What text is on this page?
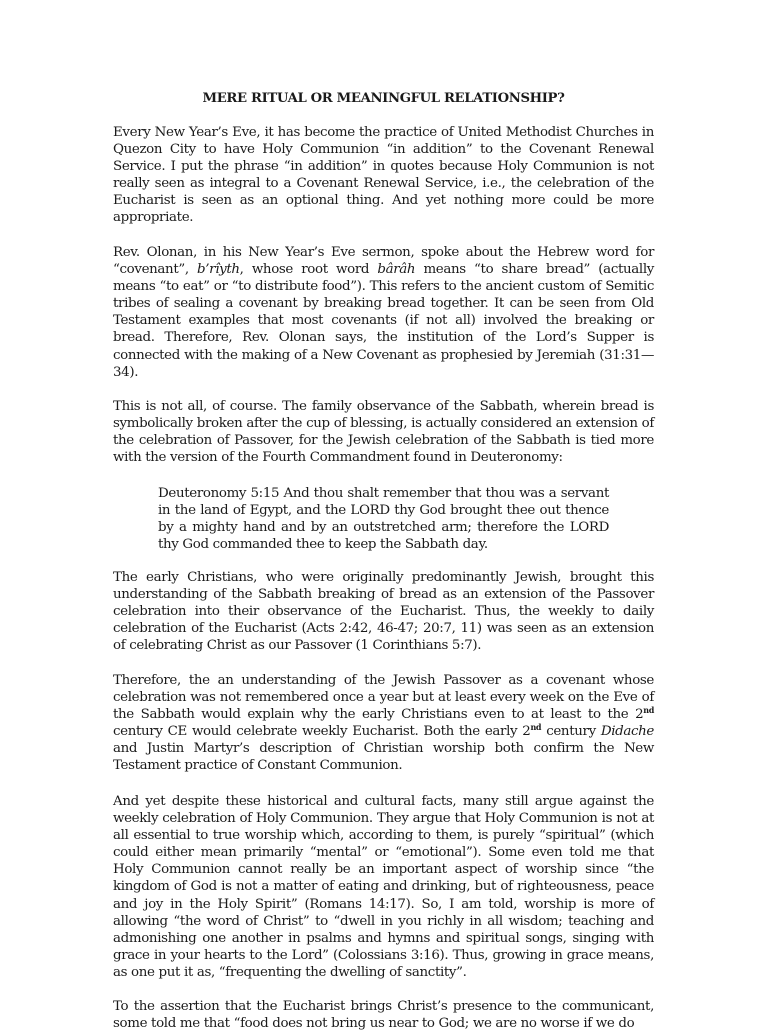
MERE RITUAL OR MEANINGFUL RELATIONSHIP?

Every New Year’s Eve, it has become the practice of United Methodist Churches in Quezon City to have Holy Communion “in addition” to the Covenant Renewal Service. I put the phrase “in addition” in quotes because Holy Communion is not really seen as integral to a Covenant Renewal Service, i.e., the celebration of the Eucharist is seen as an optional thing. And yet nothing more could be more appropriate.

Rev. Olonan, in his New Year’s Eve sermon, spoke about the Hebrew word for “covenant”, b’rîyth, whose root word bârâh means “to share bread” (actually means “to eat” or “to distribute food”). This refers to the ancient custom of Semitic tribes of sealing a covenant by breaking bread together. It can be seen from Old Testament examples that most covenants (if not all) involved the breaking or bread. Therefore, Rev. Olonan says, the institution of the Lord’s Supper is connected with the making of a New Covenant as prophesied by Jeremiah (31:31—34).

This is not all, of course. The family observance of the Sabbath, wherein bread is symbolically broken after the cup of blessing, is actually considered an extension of the celebration of Passover, for the Jewish celebration of the Sabbath is tied more with the version of the Fourth Commandment found in Deuteronomy:

Deuteronomy 5:15 And thou shalt remember that thou was a servant in the land of Egypt, and the LORD thy God brought thee out thence by a mighty hand and by an outstretched arm; therefore the LORD thy God commanded thee to keep the Sabbath day.

The early Christians, who were originally predominantly Jewish, brought this understanding of the Sabbath breaking of bread as an extension of the Passover celebration into their observance of the Eucharist. Thus, the weekly to daily celebration of the Eucharist (Acts 2:42, 46-47; 20:7, 11) was seen as an extension of celebrating Christ as our Passover (1 Corinthians 5:7).

Therefore, the an understanding of the Jewish Passover as a covenant whose celebration was not remembered once a year but at least every week on the Eve of the Sabbath would explain why the early Christians even to at least to the 2nd century CE would celebrate weekly Eucharist. Both the early 2nd century Didache and Justin Martyr’s description of Christian worship both confirm the New Testament practice of Constant Communion.

And yet despite these historical and cultural facts, many still argue against the weekly celebration of Holy Communion. They argue that Holy Communion is not at all essential to true worship which, according to them, is purely “spiritual” (which could either mean primarily “mental” or “emotional”). Some even told me that Holy Communion cannot really be an important aspect of worship since “the kingdom of God is not a matter of eating and drinking, but of righteousness, peace and joy in the Holy Spirit” (Romans 14:17). So, I am told, worship is more of allowing “the word of Christ” to “dwell in you richly in all wisdom; teaching and admonishing one another in psalms and hymns and spiritual songs, singing with grace in your hearts to the Lord” (Colossians 3:16). Thus, growing in grace means, as one put it as, “frequenting the dwelling of sanctity”.

To the assertion that the Eucharist brings Christ’s presence to the communicant, some told me that “food does not bring us near to God; we are no worse if we do
